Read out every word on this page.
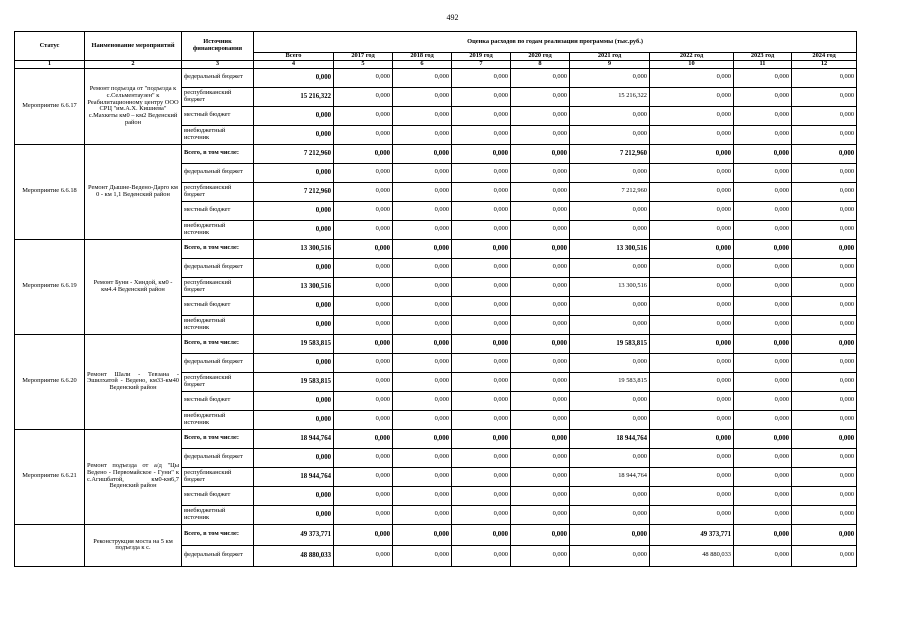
492
Статус	Наименование мероприятий	Источник финансирования	Оценка расходов по годам реализации программы (тыс.руб.)								
			Всего	2017 год	2018 год	2019 год	2020 год	2021 год	2022 год	2023 год	2024 год
1	2	3	4	5	6	7	8	9	10	11	12
Мероприятие 6.6.17	Ремонт подъезда от "подъезда к с.Сельментаузен" к Реабилитационному центру ООО СРЦ "им.А.Х. Кишиева" с.Махкеты км0 – км2 Веденский район	федеральный бюджет	0,000	0,000	0,000	0,000	0,000	0,000	0,000	0,000	0,000
		республиканский бюджет	15 216,322	0,000	0,000	0,000	0,000	15 216,322	0,000	0,000	0,000
		местный бюджет	0,000	0,000	0,000	0,000	0,000	0,000	0,000	0,000	0,000
		внебюджетный источник	0,000	0,000	0,000	0,000	0,000	0,000	0,000	0,000	0,000
Мероприятие 6.6.18	Ремонт Дышне-Ведено-Дарго км 0 - км 1,1 Веденский район	Всего, в том числе:	7 212,960	0,000	0,000	0,000	0,000	7 212,960	0,000	0,000	0,000
		федеральный бюджет	0,000	0,000	0,000	0,000	0,000	0,000	0,000	0,000	0,000
		республиканский бюджет	7 212,960	0,000	0,000	0,000	0,000	7 212,960	0,000	0,000	0,000
		местный бюджет	0,000	0,000	0,000	0,000	0,000	0,000	0,000	0,000	0,000
		внебюджетный источник	0,000	0,000	0,000	0,000	0,000	0,000	0,000	0,000	0,000
Мероприятие 6.6.19	Ремонт Буни - Хиндой, км0 - км4.4 Веденский район	Всего, в том числе:	13 300,516	0,000	0,000	0,000	0,000	13 300,516	0,000	0,000	0,000
		федеральный бюджет	0,000	0,000	0,000	0,000	0,000	0,000	0,000	0,000	0,000
		республиканский бюджет	13 300,516	0,000	0,000	0,000	0,000	13 300,516	0,000	0,000	0,000
		местный бюджет	0,000	0,000	0,000	0,000	0,000	0,000	0,000	0,000	0,000
		внебюджетный источник	0,000	0,000	0,000	0,000	0,000	0,000	0,000	0,000	0,000
Мероприятие 6.6.20	Ремонт Шали - Тевзана - Эшилхатой - Ведено, км33-км40 Веденский район	Всего, в том числе:	19 583,815	0,000	0,000	0,000	0,000	19 583,815	0,000	0,000	0,000
		федеральный бюджет	0,000	0,000	0,000	0,000	0,000	0,000	0,000	0,000	0,000
		республиканский бюджет	19 583,815	0,000	0,000	0,000	0,000	19 583,815	0,000	0,000	0,000
		местный бюджет	0,000	0,000	0,000	0,000	0,000	0,000	0,000	0,000	0,000
		внебюджетный источник	0,000	0,000	0,000	0,000	0,000	0,000	0,000	0,000	0,000
Мероприятие 6.6.21	Ремонт подъезда от а/д "Цы Ведено - Первомайское - Гуни" к с.Агишбатой, км0-км6,7 Веденский район	Всего, в том числе:	18 944,764	0,000	0,000	0,000	0,000	18 944,764	0,000	0,000	0,000
		федеральный бюджет	0,000	0,000	0,000	0,000	0,000	0,000	0,000	0,000	0,000
		республиканский бюджет	18 944,764	0,000	0,000	0,000	0,000	18 944,764	0,000	0,000	0,000
		местный бюджет	0,000	0,000	0,000	0,000	0,000	0,000	0,000	0,000	0,000
		внебюджетный источник	0,000	0,000	0,000	0,000	0,000	0,000	0,000	0,000	0,000
	Реконструкция моста на 5 км подъезда к с.	Всего, в том числе:	49 373,771	0,000	0,000	0,000	0,000	0,000	49 373,771	0,000	0,000
		федеральный бюджет	48 880,033	0,000	0,000	0,000	0,000	0,000	48 880,033	0,000	0,000
